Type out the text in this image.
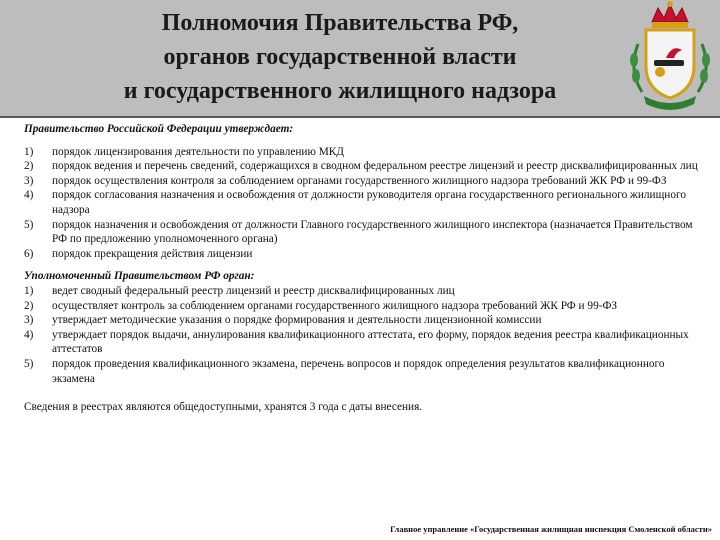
Полномочия Правительства РФ,
органов государственной власти
и государственного жилищного надзора
Правительство Российской Федерации утверждает:
1)	порядок лицензирования деятельности по управлению МКД
2)	порядок ведения и перечень сведений, содержащихся в сводном федеральном реестре лицензий и реестр дисквалифицированных лиц
3)	порядок осуществления контроля за соблюдением органами государственного жилищного надзора требований ЖК РФ и 99-ФЗ
4)	порядок согласования назначения и освобождения от должности руководителя органа государственного регионального жилищного надзора
5)	порядок назначения и освобождения от должности Главного государственного жилищного инспектора (назначается Правительством РФ по предложению уполномоченного органа)
6)	порядок прекращения действия лицензии
Уполномоченный Правительством РФ орган:
1)	ведет сводный федеральный реестр лицензий и реестр дисквалифицированных лиц
2)	осуществляет контроль за соблюдением органами государственного жилищного надзора требований ЖК РФ и 99-ФЗ
3)	утверждает методические указания о порядке формирования и деятельности лицензионной комиссии
4)	утверждает порядок выдачи, аннулирования квалификационного аттестата, его форму, порядок ведения реестра квалификационных аттестатов
5)	порядок проведения квалификационного экзамена, перечень вопросов и порядок определения результатов квалификационного экзамена
Сведения в реестрах являются общедоступными, хранятся 3 года с даты внесения.
Главное управление «Государственная жилищная инспекция Смоленской области»
